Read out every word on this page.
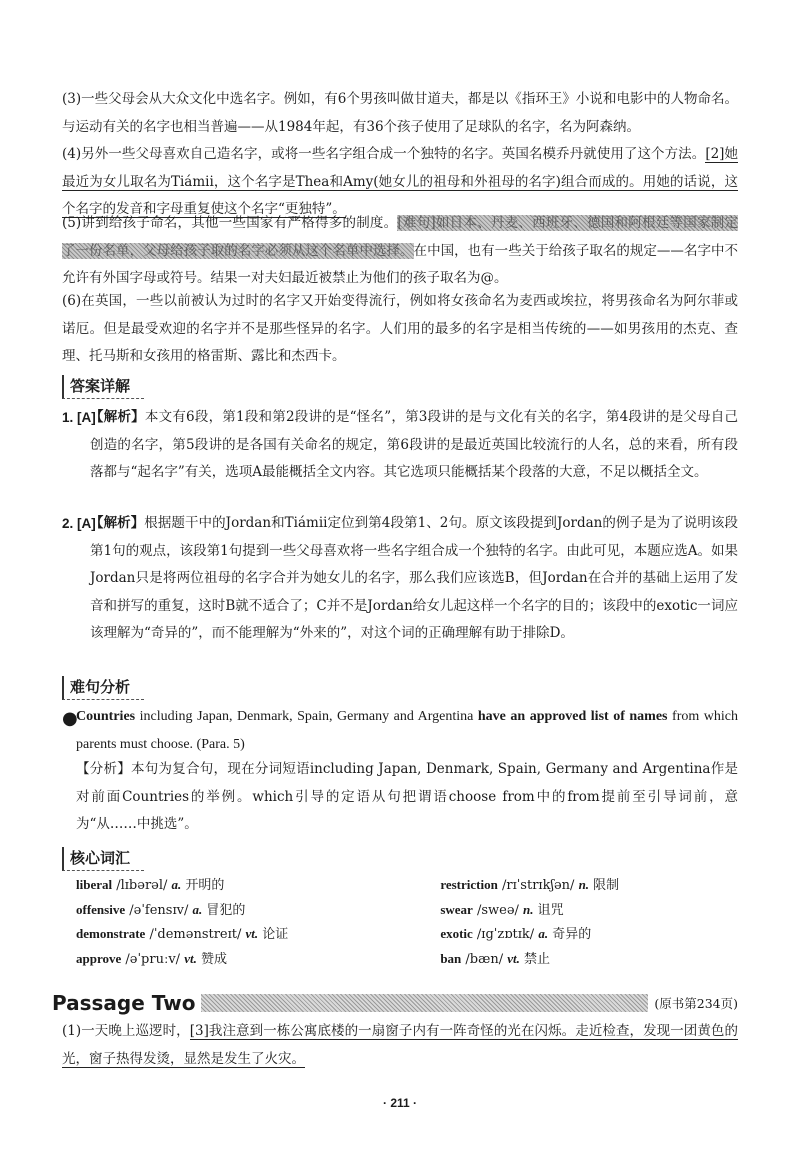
(3)一些父母会从大众文化中选名字。例如，有6个男孩叫做甘道夫，都是以《指环王》小说和电影中的人物命名。与运动有关的名字也相当普遍——从1984年起，有36个孩子使用了足球队的名字，名为阿森纳。

(4)另外一些父母喜欢自己造名字，或将一些名字组合成一个独特的名字。英国名模乔丹就使用了这个方法。[2]她最近为女儿取名为Tiámii，这个名字是Thea和Amy(她女儿的祖母和外祖母的名字)组合而成的。用她的话说，这个名字的发音和字母重复使这个名字“更独特”。

(5)讲到给孩子命名，其他一些国家有严格得多的制度。[难句]如日本、丹麦、西班牙、德国和阿根廷等国家制定了一份名单，父母给孩子取的名字必须从这个名单中选择。在中国，也有一些关于给孩子取名的规定——名字中不允许有外国字母或符号。结果一对夫妇最近被禁止为他们的孩子取名为@。

(6)在英国，一些以前被认为过时的名字又开始变得流行，例如将女孩命名为麦西或埃拉，将男孩命名为阿尔菲或诺厄。但是最受欢迎的名字并不是那些怪异的名字。人们用的最多的名字是相当传统的——如男孩用的杰克、查理、托马斯和女孩用的格雷斯、露比和杰西卡。

答案详解
1. [A]
【解析】本文有6段，第1段和第2段讲的是“怪名”，第3段讲的是与文化有关的名字，第4段讲的是父母自己创造的名字，第5段讲的是各国有关命名的规定，第6段讲的是最近英国比较流行的人名，总的来看，所有段落都与“起名字”有关，选项A最能概括全文内容。其它选项只能概括某个段落的大意，不足以概括全文。
2. [A]
【解析】根据题干中的Jordan和Tiámii定位到第4段第1、2句。原文该段提到Jordan的例子是为了说明该段第1句的观点，该段第1句提到一些父母喜欢将一些名字组合成一个独特的名字。由此可见，本题应选A。如果Jordan只是将两位祖母的名字合并为她女儿的名字，那么我们应该选B，但Jordan在合并的基础上运用了发音和拼写的重复，这时B就不适合了；C并不是Jordan给女儿起这样一个名字的目的；该段中的exotic一词应该理解为“奇异的”，而不能理解为“外来的”，对这个词的正确理解有助于排除D。
难句分析
●
Countries including Japan, Denmark, Spain, Germany and Argentina have an approved list of names from which parents must choose. (Para. 5)

【分析】本句为复合句，现在分词短语including Japan, Denmark, Spain, Germany and Argentina作是对前面Countries的举例。which引导的定语从句把谓语choose from中的from提前至引导词前，意为“从……中挑选”。

核心词汇
liberal /lɪbərəl/ a. 开明的	restriction /rɪˈstrɪkʃən/ n. 限制
offensive /əˈfensɪv/ a. 冒犯的	swear /sweə/ n. 诅咒
demonstrate /ˈdemənstreɪt/ vt. 论证	exotic /ɪgˈzɒtɪk/ a. 奇异的
approve /əˈpruːv/ vt. 赞成	ban /bæn/ vt. 禁止
Passage Two	(原书第234页)

(1)一天晚上巡逻时，[3]我注意到一栋公寓底楼的一扇窗子内有一阵奇怪的光在闪烁。走近检查，发现一团黄色的光，窗子热得发烫，显然是发生了火灾。

· 211 ·
